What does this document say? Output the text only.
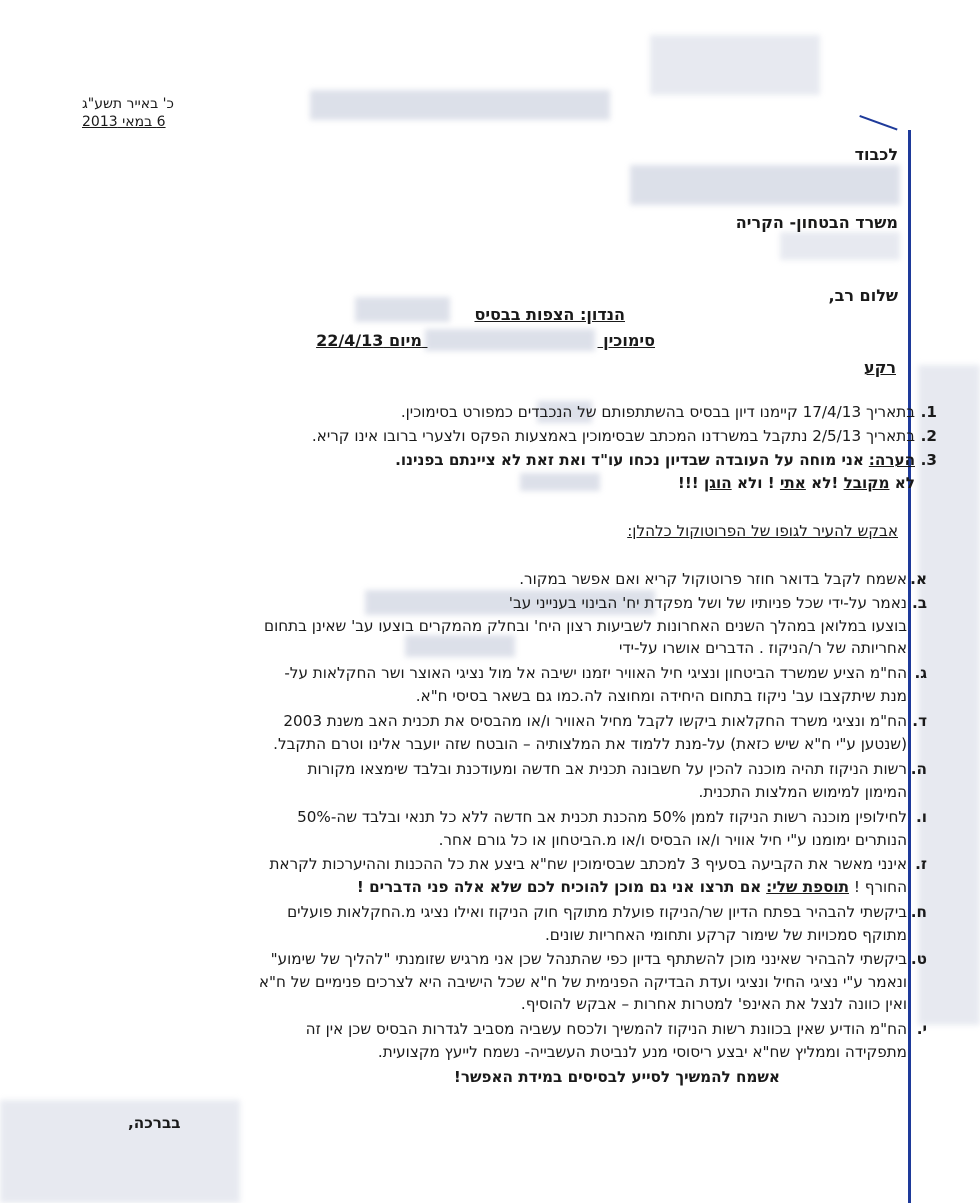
כ' באייר תשע"ג
6 במאי 2013
לכבוד
משרד הבטחון- הקריה
שלום רב,
הנדון: הצפות בבסיס
סימוכין  מיום 22/4/13
רקע
1.
בתאריך 17/4/13 קיימנו דיון בבסיס בהשתתפותם של הנכבדים כמפורט בסימוכין.
2.
בתאריך 2/5/13 נתקבל במשרדנו המכתב שבסימוכין באמצעות הפקס ולצערי ברובו אינו קריא.
3.
הערה: אני מוחה על העובדה שבדיון נכחו עו"ד ואת זאת לא ציינתם בפנינו.
לא מקובל !לא אתי ! ולא הוגן !!!
אבקש להעיר לגופו של הפרוטוקול כלהלן:
א.
אשמח לקבל בדואר חוזר פרוטוקול קריא ואם אפשר במקור.
ב.
נאמר על-ידי שכל פניותיו של ושל מפקדת יח' הבינוי בענייני עב'
בוצעו במלואן במהלך השנים האחרונות לשביעות רצון היח' ובחלק מהמקרים בוצעו עב' שאינן בתחום
אחריותה של ר/הניקוז . הדברים אושרו על-ידי
ג.
הח"מ הציע שמשרד הביטחון ונציגי חיל האוויר יזמנו ישיבה אל מול נציגי האוצר ושר החקלאות על-
מנת שיתקצבו עב' ניקוז בתחום היחידה ומחוצה לה.כמו גם בשאר בסיסי ח"א.
ד.
הח"מ ונציגי משרד החקלאות ביקשו לקבל מחיל האוויר ו/או מהבסיס את תכנית האב משנת 2003
(שנטען ע"י ח"א שיש כזאת) על-מנת ללמוד את המלצותיה – הובטח שזה יועבר אלינו וטרם התקבל.
ה.
רשות הניקוז תהיה מוכנה להכין על חשבונה תכנית אב חדשה ומעודכנת ובלבד שימצאו מקורות
המימון למימוש המלצות התכנית.
ו.
לחילופין מוכנה רשות הניקוז לממן 50% מהכנת תכנית אב חדשה ללא כל תנאי ובלבד שה-50%
הנותרים ימומנו ע"י חיל אוויר ו/או הבסיס ו/או מ.הביטחון או כל גורם אחר.
ז.
אינני מאשר את הקביעה בסעיף 3 למכתב שבסימוכין שח"א ביצע את כל ההכנות וההיערכות לקראת
החורף ! תוספת שלי: אם תרצו אני גם מוכן להוכיח לכם שלא אלה פני הדברים !
ח.
ביקשתי להבהיר בפתח הדיון שר/הניקוז פועלת מתוקף חוק הניקוז ואילו נציגי מ.החקלאות פועלים
מתוקף סמכויות של שימור קרקע ותחומי האחריות שונים.
ט.
ביקשתי להבהיר שאינני מוכן להשתתף בדיון כפי שהתנהל שכן אני מרגיש שזומנתי "להליך של שימוע"
ונאמר ע"י נציגי החיל ונציגי ועדת הבדיקה הפנימית של ח"א שכל הישיבה היא לצרכים פנימיים של ח"א
ואין כוונה לנצל את האינפ' למטרות אחרות – אבקש להוסיף.
י.
הח"מ הודיע שאין בכוונת רשות הניקוז להמשיך ולכסח עשביה מסביב לגדרות הבסיס שכן אין זה
מתפקידה וממליץ שח"א יבצע ריסוסי מנע לנביטת העשבייה- נשמח לייעץ מקצועית.
אשמח להמשיך לסייע לבסיסים במידת האפשר!
בברכה,
